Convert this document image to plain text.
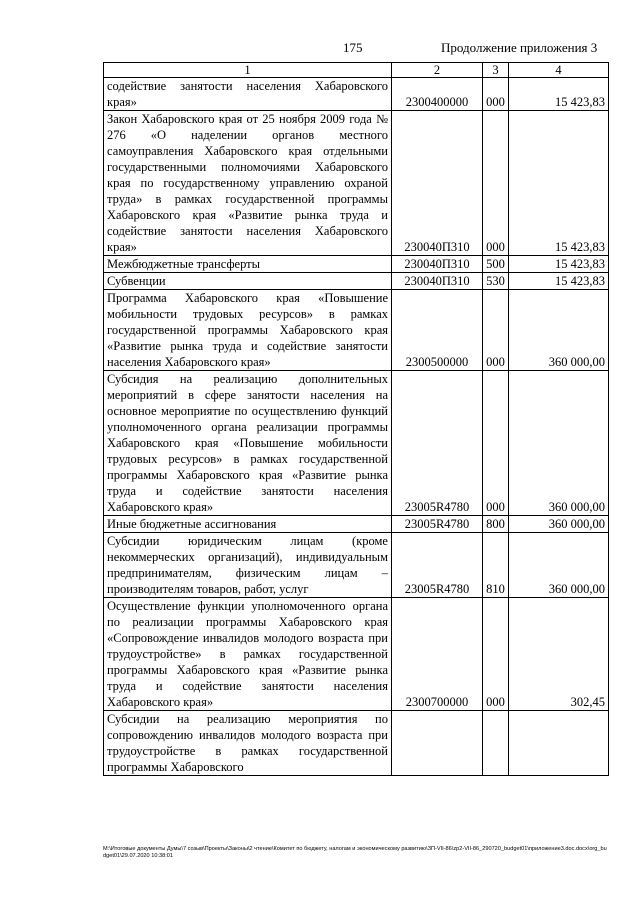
175	Продолжение приложения 3
1	2	3	4
содействие занятости населения Хабаровского края»	2300400000	000	15 423,83
Закон Хабаровского края от 25 ноября 2009 года № 276 «О наделении органов местного самоуправления Хабаровского края отдельными государственными полномочиями Хабаровского края по государственному управлению охраной труда» в рамках государственной программы Хабаровского края «Развитие рынка труда и содействие занятости населения Хабаровского края»	230040П310	000	15 423,83
Межбюджетные трансферты	230040П310	500	15 423,83
Субвенции	230040П310	530	15 423,83
Программа Хабаровского края «Повышение мобильности трудовых ресурсов» в рамках государственной программы Хабаровского края «Развитие рынка труда и содействие занятости населения Хабаровского края»	2300500000	000	360 000,00
Субсидия на реализацию дополнительных мероприятий в сфере занятости населения на основное мероприятие по осуществлению функций уполномоченного органа реализации программы Хабаровского края «Повышение мобильности трудовых ресурсов» в рамках государственной программы Хабаровского края «Развитие рынка труда и содействие занятости населения Хабаровского края»	23005R4780	000	360 000,00
Иные бюджетные ассигнования	23005R4780	800	360 000,00
Субсидии юридическим лицам (кроме некоммерческих организаций), индивидуальным предпринимателям, физическим лицам – производителям товаров, работ, услуг	23005R4780	810	360 000,00
Осуществление функции уполномоченного органа по реализации программы Хабаровского края «Сопровождение инвалидов молодого возраста при трудоустройстве» в рамках государственной программы Хабаровского края «Развитие рынка труда и содействие занятости населения Хабаровского края»	2300700000	000	302,45
Субсидии на реализацию мероприятия по сопровождению инвалидов молодого возраста при трудоустройстве в рамках государственной программы Хабаровского			
M:\Итоговые документы Думы\7 созыв\Проекты\Законы\2 чтение\Комитет по бюджету, налогам и экономическому развитию\ЗП-VII-86\zp2-VII-86_290720_budget01\приложение3.doc.docx\org_budget01\29.07.2020 10:38:01
